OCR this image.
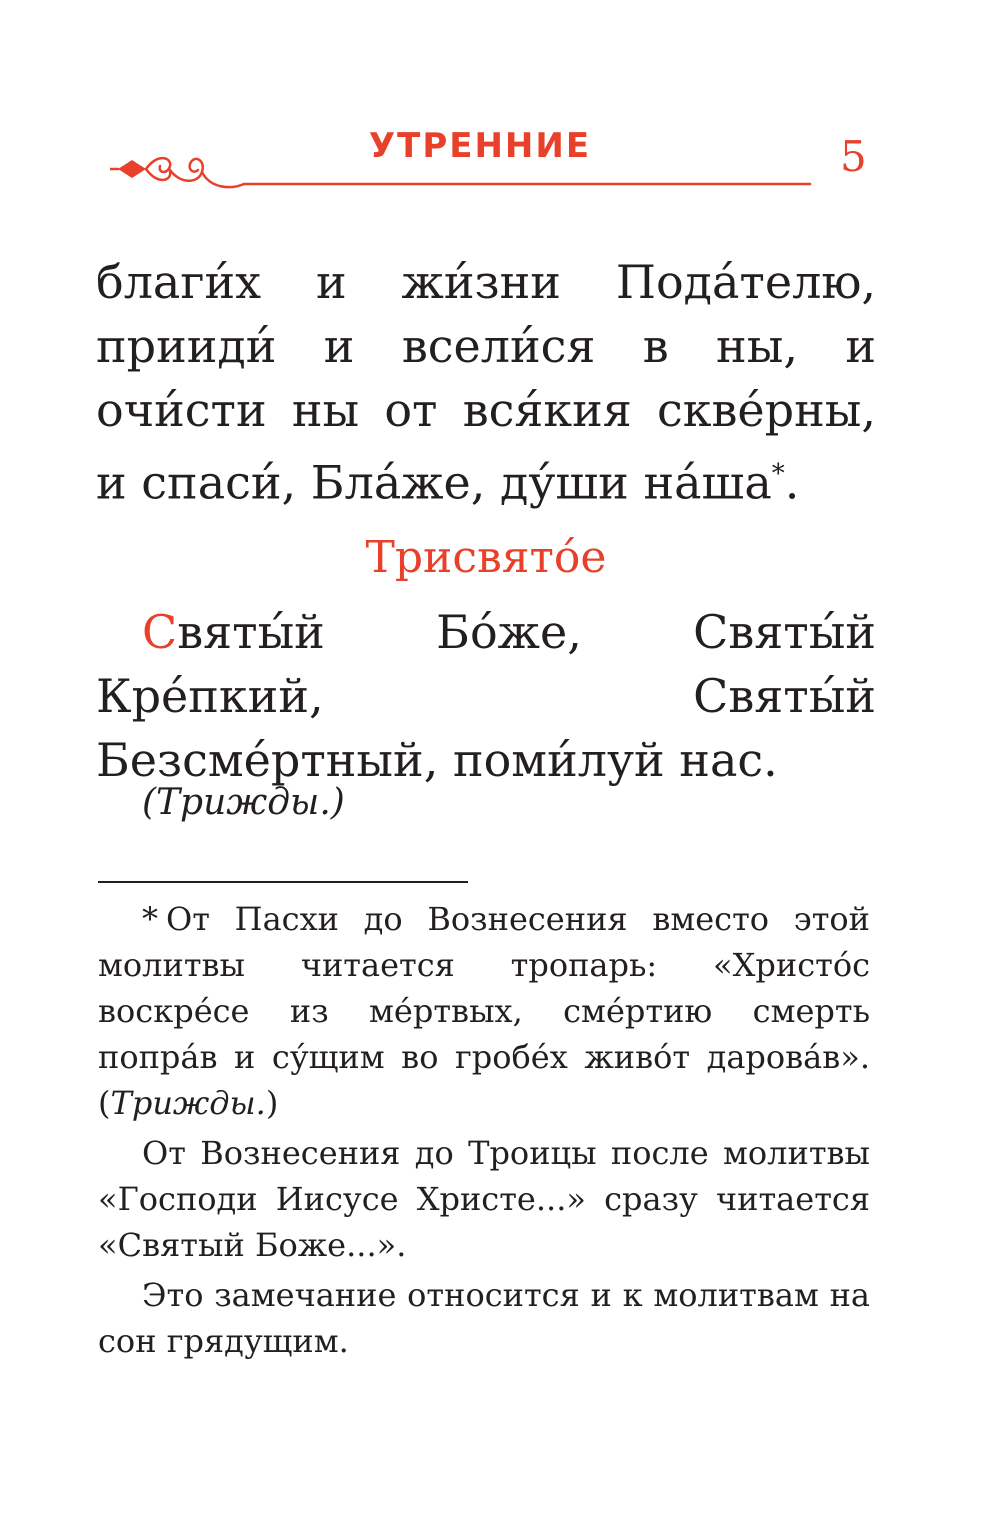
УТРЕННИЕ	5

благи́х и жи́зни Пода́телю, прииди́ и всели́ся в ны, и очи́сти ны от вся́кия скве́рны, и спаси́, Бла́же, ду́ши на́ша*.

Трисвято́е

Святы́й Бо́же, Святы́й Кре́пкий, Святы́й Безсме́ртный, поми́луй нас.

(Трижды.)

* От Пасхи до Вознесения вместо этой молитвы читается тропарь: «Христо́с воскре́се из ме́ртвых, сме́ртию смерть попра́в и су́щим во гробе́х живо́т дарова́в». (Трижды.)

От Вознесения до Троицы после молитвы «Господи Иисусе Христе...» сразу читается «Святый Боже...».

Это замечание относится и к молитвам на сон грядущим.
